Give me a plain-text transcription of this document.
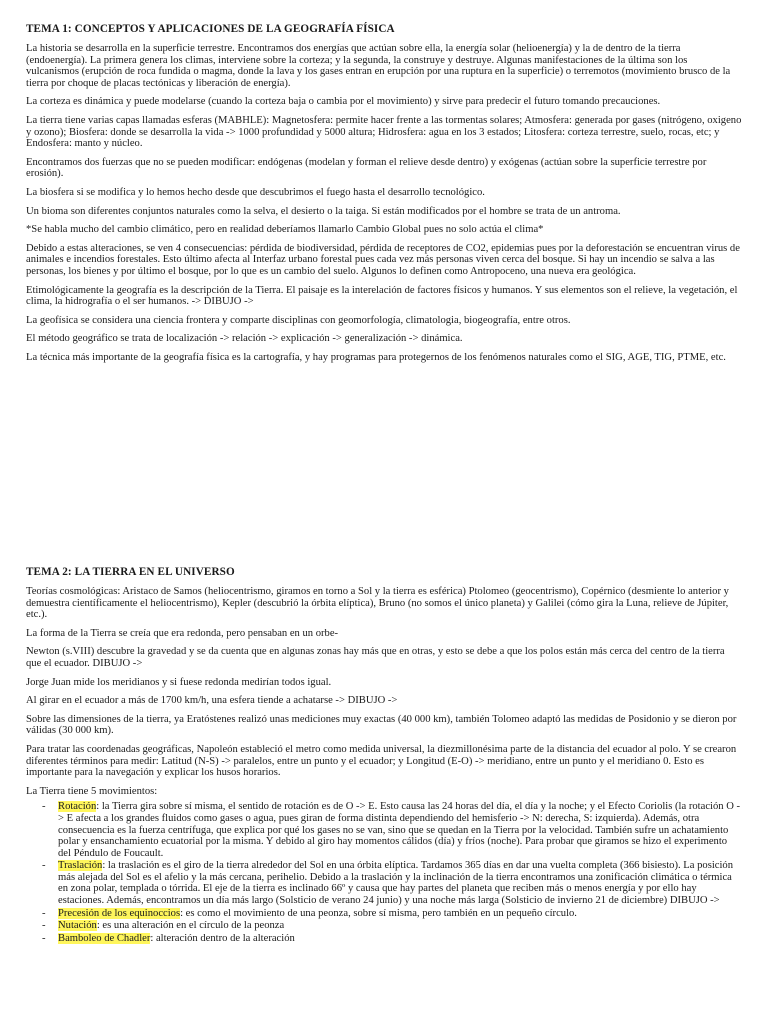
TEMA 1: CONCEPTOS Y APLICACIONES DE LA GEOGRAFÍA FÍSICA

La historia se desarrolla en la superficie terrestre. Encontramos dos energías que actúan sobre ella, la energía solar (helioenergía) y la de dentro de la tierra (endoenergía). La primera genera los climas, interviene sobre la corteza; y la segunda, la construye y destruye. Algunas manifestaciones de la última son los vulcanismos (erupción de roca fundida o magma, donde la lava y los gases entran en erupción por una ruptura en la superficie) o terremotos (movimiento brusco de la tierra por choque de placas tectónicas y liberación de energía).

La corteza es dinámica y puede modelarse (cuando la corteza baja o cambia por el movimiento) y sirve para predecir el futuro tomando precauciones.

La tierra tiene varias capas llamadas esferas (MABHLE): Magnetosfera: permite hacer frente a las tormentas solares; Atmosfera: generada por gases (nitrógeno, oxigeno y ozono); Biosfera: donde se desarrolla la vida -> 1000 profundidad y 5000 altura; Hidrosfera: agua en los 3 estados; Litosfera: corteza terrestre, suelo, rocas, etc; y Endosfera: manto y núcleo.

Encontramos dos fuerzas que no se pueden modificar: endógenas (modelan y forman el relieve desde dentro) y exógenas (actúan sobre la superficie terrestre por erosión).

La biosfera si se modifica y lo hemos hecho desde que descubrimos el fuego hasta el desarrollo tecnológico.

Un bioma son diferentes conjuntos naturales como la selva, el desierto o la taiga. Si están modificados por el hombre se trata de un antroma.

*Se habla mucho del cambio climático, pero en realidad deberíamos llamarlo Cambio Global pues no solo actúa el clima*

Debido a estas alteraciones, se ven 4 consecuencias: pérdida de biodiversidad, pérdida de receptores de CO2, epidemias pues por la deforestación se encuentran virus de animales e incendios forestales. Esto último afecta al Interfaz urbano forestal pues cada vez más personas viven cerca del bosque. Si hay un incendio se salva a las personas, los bienes y por último el bosque, por lo que es un cambio del suelo. Algunos lo definen como Antropoceno, una nueva era geológica.

Etimológicamente la geografía es la descripción de la Tierra. El paisaje es la interelación de factores físicos y humanos. Y sus elementos son el relieve, la vegetación, el clima, la hidrografía o el ser humanos. -> DIBUJO ->

La geofísica se considera una ciencia frontera y comparte disciplinas con geomorfología, climatologia, biogeografía, entre otros.

El método geográfico se trata de localización -> relación -> explicación -> generalización -> dinámica.

La técnica más importante de la geografía física es la cartografía, y hay programas para protegernos de los fenómenos naturales como el SIG, AGE, TIG, PTME, etc.

TEMA 2: LA TIERRA EN EL UNIVERSO

Teorías cosmológicas: Aristaco de Samos (heliocentrismo, giramos en torno a Sol y la tierra es esférica) Ptolomeo (geocentrismo), Copérnico (desmiente lo anterior y demuestra científicamente el heliocentrismo), Kepler (descubrió la órbita elíptica), Bruno (no somos el único planeta) y Galilei (cómo gira la Luna, relieve de Júpiter, etc.).

La forma de la Tierra se creía que era redonda, pero pensaban en un orbe-

Newton (s.VIII) descubre la gravedad y se da cuenta que en algunas zonas hay más que en otras, y esto se debe a que los polos están más cerca del centro de la tierra que el ecuador. DIBUJO ->

Jorge Juan mide los meridianos y si fuese redonda medirían todos igual.

Al girar en el ecuador a más de 1700 km/h, una esfera tiende a achatarse -> DIBUJO ->

Sobre las dimensiones de la tierra, ya Eratóstenes realizó unas mediciones muy exactas (40 000 km), también Tolomeo adaptó las medidas de Posidonio y se dieron por válidas (30 000 km).

Para tratar las coordenadas geográficas, Napoleón estableció el metro como medida universal, la diezmillonésima parte de la distancia del ecuador al polo. Y se crearon diferentes términos para medir: Latitud (N-S) -> paralelos, entre un punto y el ecuador; y Longitud (E-O) -> meridiano, entre un punto y el meridiano 0. Esto es importante para la navegación y explicar los husos horarios.

La Tierra tiene 5 movimientos:

- Rotación: la Tierra gira sobre sí misma, el sentido de rotación es de O -> E. Esto causa las 24 horas del día, el día y la noche; y el Efecto Coriolis (la rotación O -> E afecta a los grandes fluidos como gases o agua, pues giran de forma distinta dependiendo del hemisferio -> N: derecha, S: izquierda). Además, otra consecuencia es la fuerza centrífuga, que explica por qué los gases no se van, sino que se quedan en la Tierra por la velocidad. También sufre un achatamiento polar y ensanchamiento ecuatorial por la misma. Y debido al giro hay momentos cálidos (día) y fríos (noche). Para probar que giramos se hizo el experimento del Péndulo de Foucault.
- Traslación: la traslación es el giro de la tierra alrededor del Sol en una órbita elíptica. Tardamos 365 días en dar una vuelta completa (366 bisiesto). La posición más alejada del Sol es el afelio y la más cercana, perihelio. Debido a la traslación y la inclinación de la tierra encontramos una zonificación climática o térmica en zona polar, templada o tórrida. El eje de la tierra es inclinado 66º y causa que hay partes del planeta que reciben más o menos energía y por ello hay estaciones. Además, encontramos un día más largo (Solsticio de verano 24 junio) y una noche más larga (Solsticio de invierno 21 de diciembre) DIBUJO ->
- Precesión de los equinoccios: es como el movimiento de una peonza, sobre sí misma, pero también en un pequeño círculo.
- Nutación: es una alteración en el círculo de la peonza
- Bamboleo de Chadler: alteración dentro de la alteración
